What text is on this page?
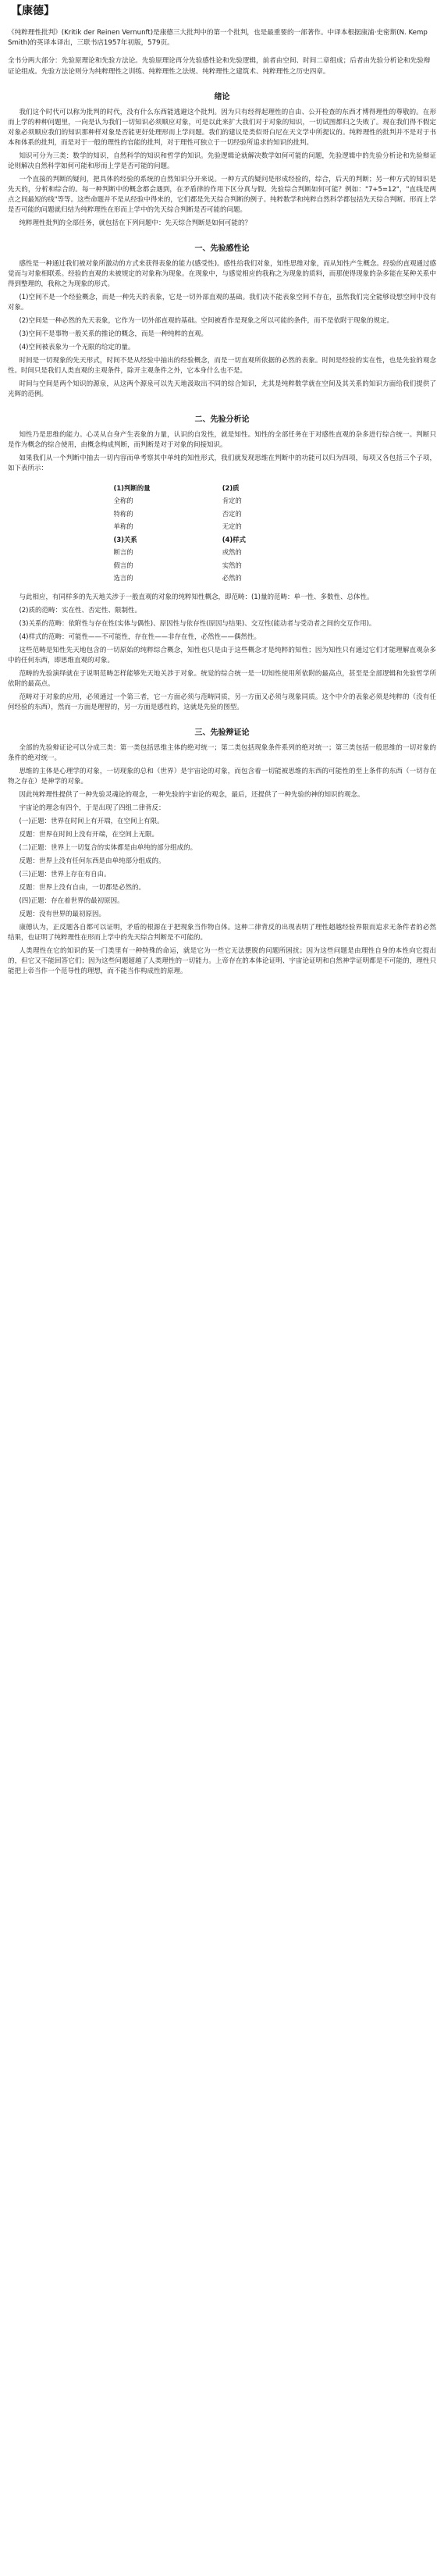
【康德】
《纯粹理性批判》(Kritik der Reinen Vernunft)是康德三大批判中的第一个批判，也是最重要的一部著作。中译本根据康浦·史密斯(N. Kemp Smith)的英译本译出，三联书店1957年初版，579页。
全书分两大部分：先验原理论和先验方法论。先验原理论再分先验感性论和先验逻辑，前者由空间、时间二章组成；后者由先验分析论和先验辩证论组成。先验方法论则分为纯粹理性之训练、纯粹理性之法规、纯粹理性之建筑术、纯粹理性之历史四章。
绪论

我们这个时代可以称为批判的时代，没有什么东西能逃避这个批判。因为只有经得起理性的自由、公开检查的东西才博得理性的尊敬的。在形而上学的种种问题里，一向是认为我们一切知识必须顺应对象，可是以此来扩大我们对于对象的知识，一切试图都归之失败了。现在我们得不假定对象必须顺应我们的知识那种样对象是否能更好处理形而上学问题。我们的建议是类似哥白尼在天文学中所提议的。纯粹理性的批判并不是对于书本和体系的批判，而是对于一般的理性的官能的批判，对于理性可独立于一切经验所追求的知识的批判。

知识可分为三类：数学的知识，自然科学的知识和哲学的知识。先验逻辑论就解决数学如何可能的问题，先验逻辑中的先验分析论和先验辩证论则解决自然科学如何可能和形而上学是否可能的问题。

一个直接的判断的疑问，把具体的经验的系统的自然知识分开来说。一种方式的疑问是形成经验的，综合，后天的判断；另一种方式的知识是先天的，分析和综合的。每一种判断中的概念都会遇到，在矛盾律的作用下区分真与假。先验综合判断如何可能？例如："7+5=12"，"直线是两点之间最短的线"等等。这些命题并不是从经验中得来的，它们都是先天综合判断的例子。纯粹数学和纯粹自然科学都包括先天综合判断。形而上学是否可能的问题就归结为纯粹理性在形而上学中的先天综合判断是否可能的问题。

纯粹理性批判的全部任务，就包括在下列问题中：先天综合判断是如何可能的？

一、先验感性论

感性是一种通过我们被对象所激动的方式来获得表象的能力(感受性)。感性给我们对象，知性思维对象，而从知性产生概念。经验的直观通过感觉而与对象相联系。经验的直观的未被规定的对象称为现象。在现象中，与感觉相应的我称之为现象的质料，而那使得现象的杂多能在某种关系中得到整理的，我称之为现象的形式。

(1)空间不是一个经验概念，而是一种先天的表象，它是一切外部直观的基础。我们决不能表象空间不存在，虽然我们完全能够设想空间中没有对象。

(2)空间是一种必然的先天表象，它作为一切外部直观的基础。空间被看作是现象之所以可能的条件，而不是依附于现象的规定。

(3)空间不是事物一般关系的推论的概念，而是一种纯粹的直观。

(4)空间被表象为一个无限的给定的量。

时间是一切现象的先天形式，时间不是从经验中抽出的经验概念，而是一切直观所依据的必然的表象。时间是经验的实在性，也是先验的观念性。时间只是我们人类直观的主观条件，除开主观条件之外，它本身什么也不是。

时间与空间是两个知识的源泉，从这两个源泉可以先天地汲取出不同的综合知识，尤其是纯粹数学就在空间及其关系的知识方面给我们提供了光辉的范例。

二、先验分析论

知性乃是思维的能力。心灵从自身产生表象的力量，认识的自发性，就是知性。知性的全部任务在于对感性直观的杂多进行综合统一。判断只是作为概念的综合使用，由概念构成判断，而判断是对于对象的间接知识。

如果我们从一个判断中抽去一切内容而单考察其中单纯的知性形式，我们就发现思维在判断中的功能可以归为四项，每项又各包括三个子项，如下表所示：

(1)判断的量	(2)质
全称的	肯定的
特称的	否定的
单称的	无定的
(3)关系	(4)样式
断言的	或然的
假言的	实然的
选言的	必然的

与此相应，有同样多的先天地关涉于一般直观的对象的纯粹知性概念，即范畴：(1)量的范畴：单一性、多数性、总体性。

(2)质的范畴：实在性、否定性、限制性。

(3)关系的范畴：依附性与存在性(实体与偶性)、原因性与依存性(原因与结果)、交互性(能动者与受动者之间的交互作用)。

(4)样式的范畴：可能性——不可能性，存在性——非存在性，必然性——偶然性。

这些范畴是知性先天地包含的一切原始的纯粹综合概念，知性也只是由于这些概念才是纯粹的知性；因为知性只有通过它们才能理解直观杂多中的任何东西，即思维直观的对象。

范畴的先验演绎就在于说明范畴怎样能够先天地关涉于对象。统觉的综合统一是一切知性使用所依附的最高点，甚至是全部逻辑和先验哲学所依附的最高点。

范畴对于对象的应用，必须通过一个第三者，它一方面必须与范畴同质，另一方面又必须与现象同质。这个中介的表象必须是纯粹的（没有任何经验的东西），然而一方面是理智的，另一方面是感性的，这就是先验的图型。

三、先验辩证论

全部的先验辩证论可以分成三类：第一类包括思维主体的绝对统一；第二类包括现象条件系列的绝对统一；第三类包括一般思维的一切对象的条件的绝对统一。

思维的主体是心理学的对象，一切现象的总和（世界）是宇宙论的对象，而包含着一切能被思维的东西的可能性的至上条件的东西（一切存在物之存在）是神学的对象。

因此纯粹理性提供了一种先验灵魂论的观念，一种先验的宇宙论的观念，最后，还提供了一种先验的神的知识的观念。

宇宙论的理念有四个，于是出现了四组二律背反：

(一)正题：世界在时间上有开端，在空间上有限。

反题：世界在时间上没有开端，在空间上无限。

(二)正题：世界上一切复合的实体都是由单纯的部分组成的。

反题：世界上没有任何东西是由单纯部分组成的。

(三)正题：世界上存在有自由。

反题：世界上没有自由，一切都是必然的。

(四)正题：存在着世界的最初原因。

反题：没有世界的最初原因。

康德认为，正反题各自都可以证明，矛盾的根源在于把现象当作物自体。这种二律背反的出现表明了理性超越经验界限而追求无条件者的必然结果，也证明了纯粹理性在形而上学中的先天综合判断是不可能的。

人类理性在它的知识的某一门类里有一种特殊的命运，就是它为一些它无法摆脱的问题所困扰；因为这些问题是由理性自身的本性向它提出的，但它又不能回答它们；因为这些问题超越了人类理性的一切能力。上帝存在的本体论证明、宇宙论证明和自然神学证明都是不可能的，理性只能把上帝当作一个范导性的理想，而不能当作构成性的原理。
